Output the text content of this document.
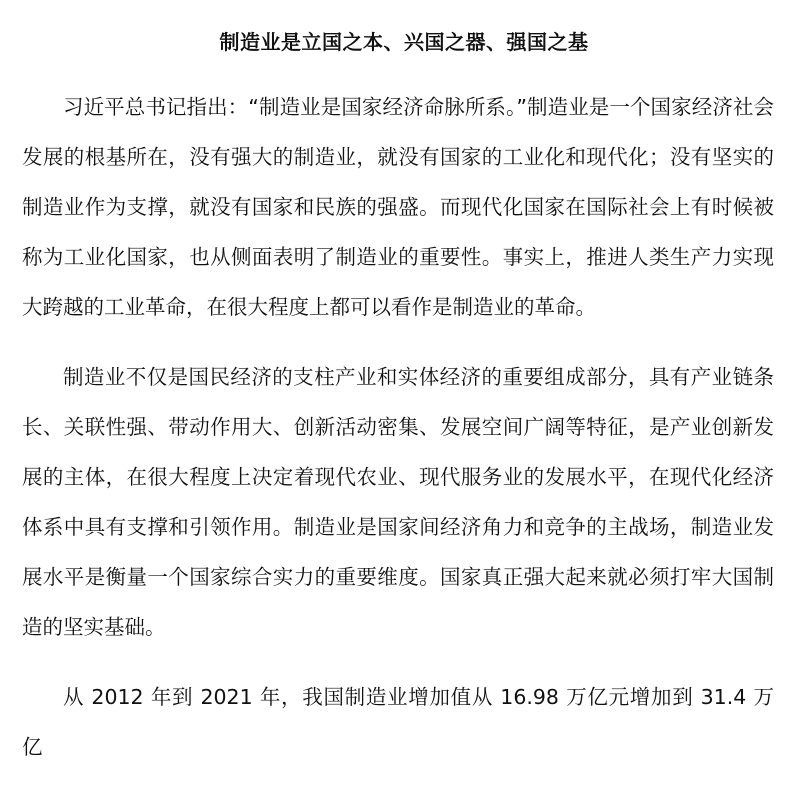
制造业是立国之本、兴国之器、强国之基

习近平总书记指出：“制造业是国家经济命脉所系。”制造业是一个国家经济社会发展的根基所在，没有强大的制造业，就没有国家的工业化和现代化；没有坚实的制造业作为支撑，就没有国家和民族的强盛。而现代化国家在国际社会上有时候被称为工业化国家，也从侧面表明了制造业的重要性。事实上，推进人类生产力实现大跨越的工业革命，在很大程度上都可以看作是制造业的革命。

制造业不仅是国民经济的支柱产业和实体经济的重要组成部分，具有产业链条长、关联性强、带动作用大、创新活动密集、发展空间广阔等特征，是产业创新发展的主体，在很大程度上决定着现代农业、现代服务业的发展水平，在现代化经济体系中具有支撑和引领作用。制造业是国家间经济角力和竞争的主战场，制造业发展水平是衡量一个国家综合实力的重要维度。国家真正强大起来就必须打牢大国制造的坚实基础。

从 2012 年到 2021 年，我国制造业增加值从 16.98 万亿元增加到 31.4 万亿
